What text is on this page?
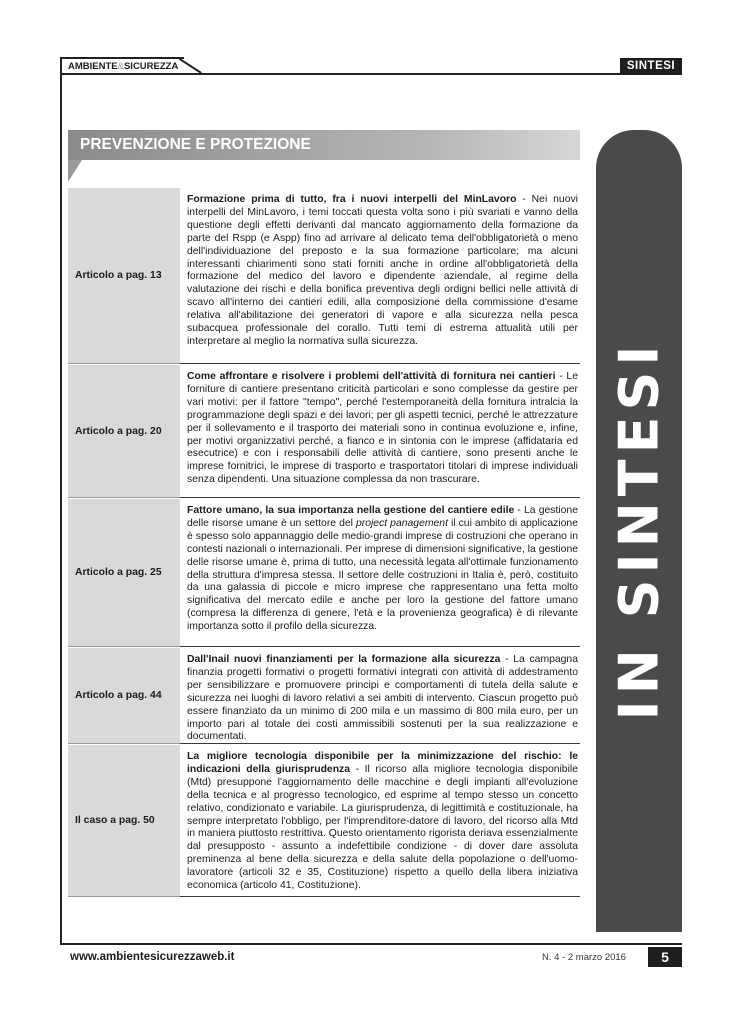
AMBIENTE&SICUREZZA	SINTESI
IN SINTESI
PREVENZIONE E PROTEZIONE
Articolo a pag. 13
Formazione prima di tutto, fra i nuovi interpelli del MinLavoro - Nei nuovi interpelli del MinLavoro, i temi toccati questa volta sono i più svariati e vanno della questione degli effetti derivanti dal mancato aggiornamento della formazione da parte del Rspp (e Aspp) fino ad arrivare al delicato tema dell'obbligatorietà o meno dell'individuazione del preposto e la sua formazione particolare; ma alcuni interessanti chiarimenti sono stati forniti anche in ordine all'obbligatorietà della formazione del medico del lavoro e dipendente aziendale, al regime della valutazione dei rischi e della bonifica preventiva degli ordigni bellici nelle attività di scavo all'interno dei cantieri edili, alla composizione della commissione d'esame relativa all'abilitazione dei generatori di vapore e alla sicurezza nella pesca subacquea professionale del corallo. Tutti temi di estrema attualità utili per interpretare al meglio la normativa sulla sicurezza.
Articolo a pag. 20
Come affrontare e risolvere i problemi dell'attività di fornitura nei cantieri - Le forniture di cantiere presentano criticità particolari e sono complesse da gestire per vari motivi: per il fattore "tempo", perché l'estemporaneità della fornitura intralcia la programmazione degli spazi e dei lavori; per gli aspetti tecnici, perché le attrezzature per il sollevamento e il trasporto dei materiali sono in continua evoluzione e, infine, per motivi organizzativi perché, a fianco e in sintonia con le imprese (affidataria ed esecutrice) e con i responsabili delle attività di cantiere, sono presenti anche le imprese fornitrici, le imprese di trasporto e trasportatori titolari di imprese individuali senza dipendenti. Una situazione complessa da non trascurare.
Articolo a pag. 25
Fattore umano, la sua importanza nella gestione del cantiere edile - La gestione delle risorse umane è un settore del project panagement il cui ambito di applicazione è spesso solo appannaggio delle medio-grandi imprese di costruzioni che operano in contesti nazionali o internazionali. Per imprese di dimensioni significative, la gestione delle risorse umane è, prima di tutto, una necessità legata all'ottimale funzionamento della struttura d'impresa stessa. Il settore delle costruzioni in Italia è, però, costituito da una galassia di piccole e micro imprese che rappresentano una fetta molto significativa del mercato edile e anche per loro la gestione del fattore umano (compresa la differenza di genere, l'età e la provenienza geografica) è di rilevante importanza sotto il profilo della sicurezza.
Articolo a pag. 44
Dall'Inail nuovi finanziamenti per la formazione alla sicurezza - La campagna finanzia progetti formativi o progetti formativi integrati con attività di addestramento per sensibilizzare e promuovere principi e comportamenti di tutela della salute e sicurezza nei luoghi di lavoro relativi a sei ambiti di intervento. Ciascun progetto può essere finanziato da un minimo di 200 mila e un massimo di 800 mila euro, per un importo pari al totale dei costi ammissibili sostenuti per la sua realizzazione e documentati.
Il caso a pag. 50
La migliore tecnologia disponibile per la minimizzazione del rischio: le indicazioni della giurisprudenza - Il ricorso alla migliore tecnologia disponibile (Mtd) presuppone l'aggiornamento delle macchine e degli impianti all'evoluzione della tecnica e al progresso tecnologico, ed esprime al tempo stesso un concetto relativo, condizionato e variabile. La giurisprudenza, di legittimità e costituzionale, ha sempre interpretato l'obbligo, per l'imprenditore-datore di lavoro, del ricorso alla Mtd in maniera piuttosto restrittiva. Questo orientamento rigorista deriava essenzialmente dal presupposto - assunto a indefettibile condizione - di dover dare assoluta preminenza al bene della sicurezza e della salute della popolazione o dell'uomo-lavoratore (articoli 32 e 35, Costituzione) rispetto a quello della libera iniziativa economica (articolo 41, Costituzione).
www.ambientesicurezzaweb.it	N. 4 - 2 marzo 2016	5
